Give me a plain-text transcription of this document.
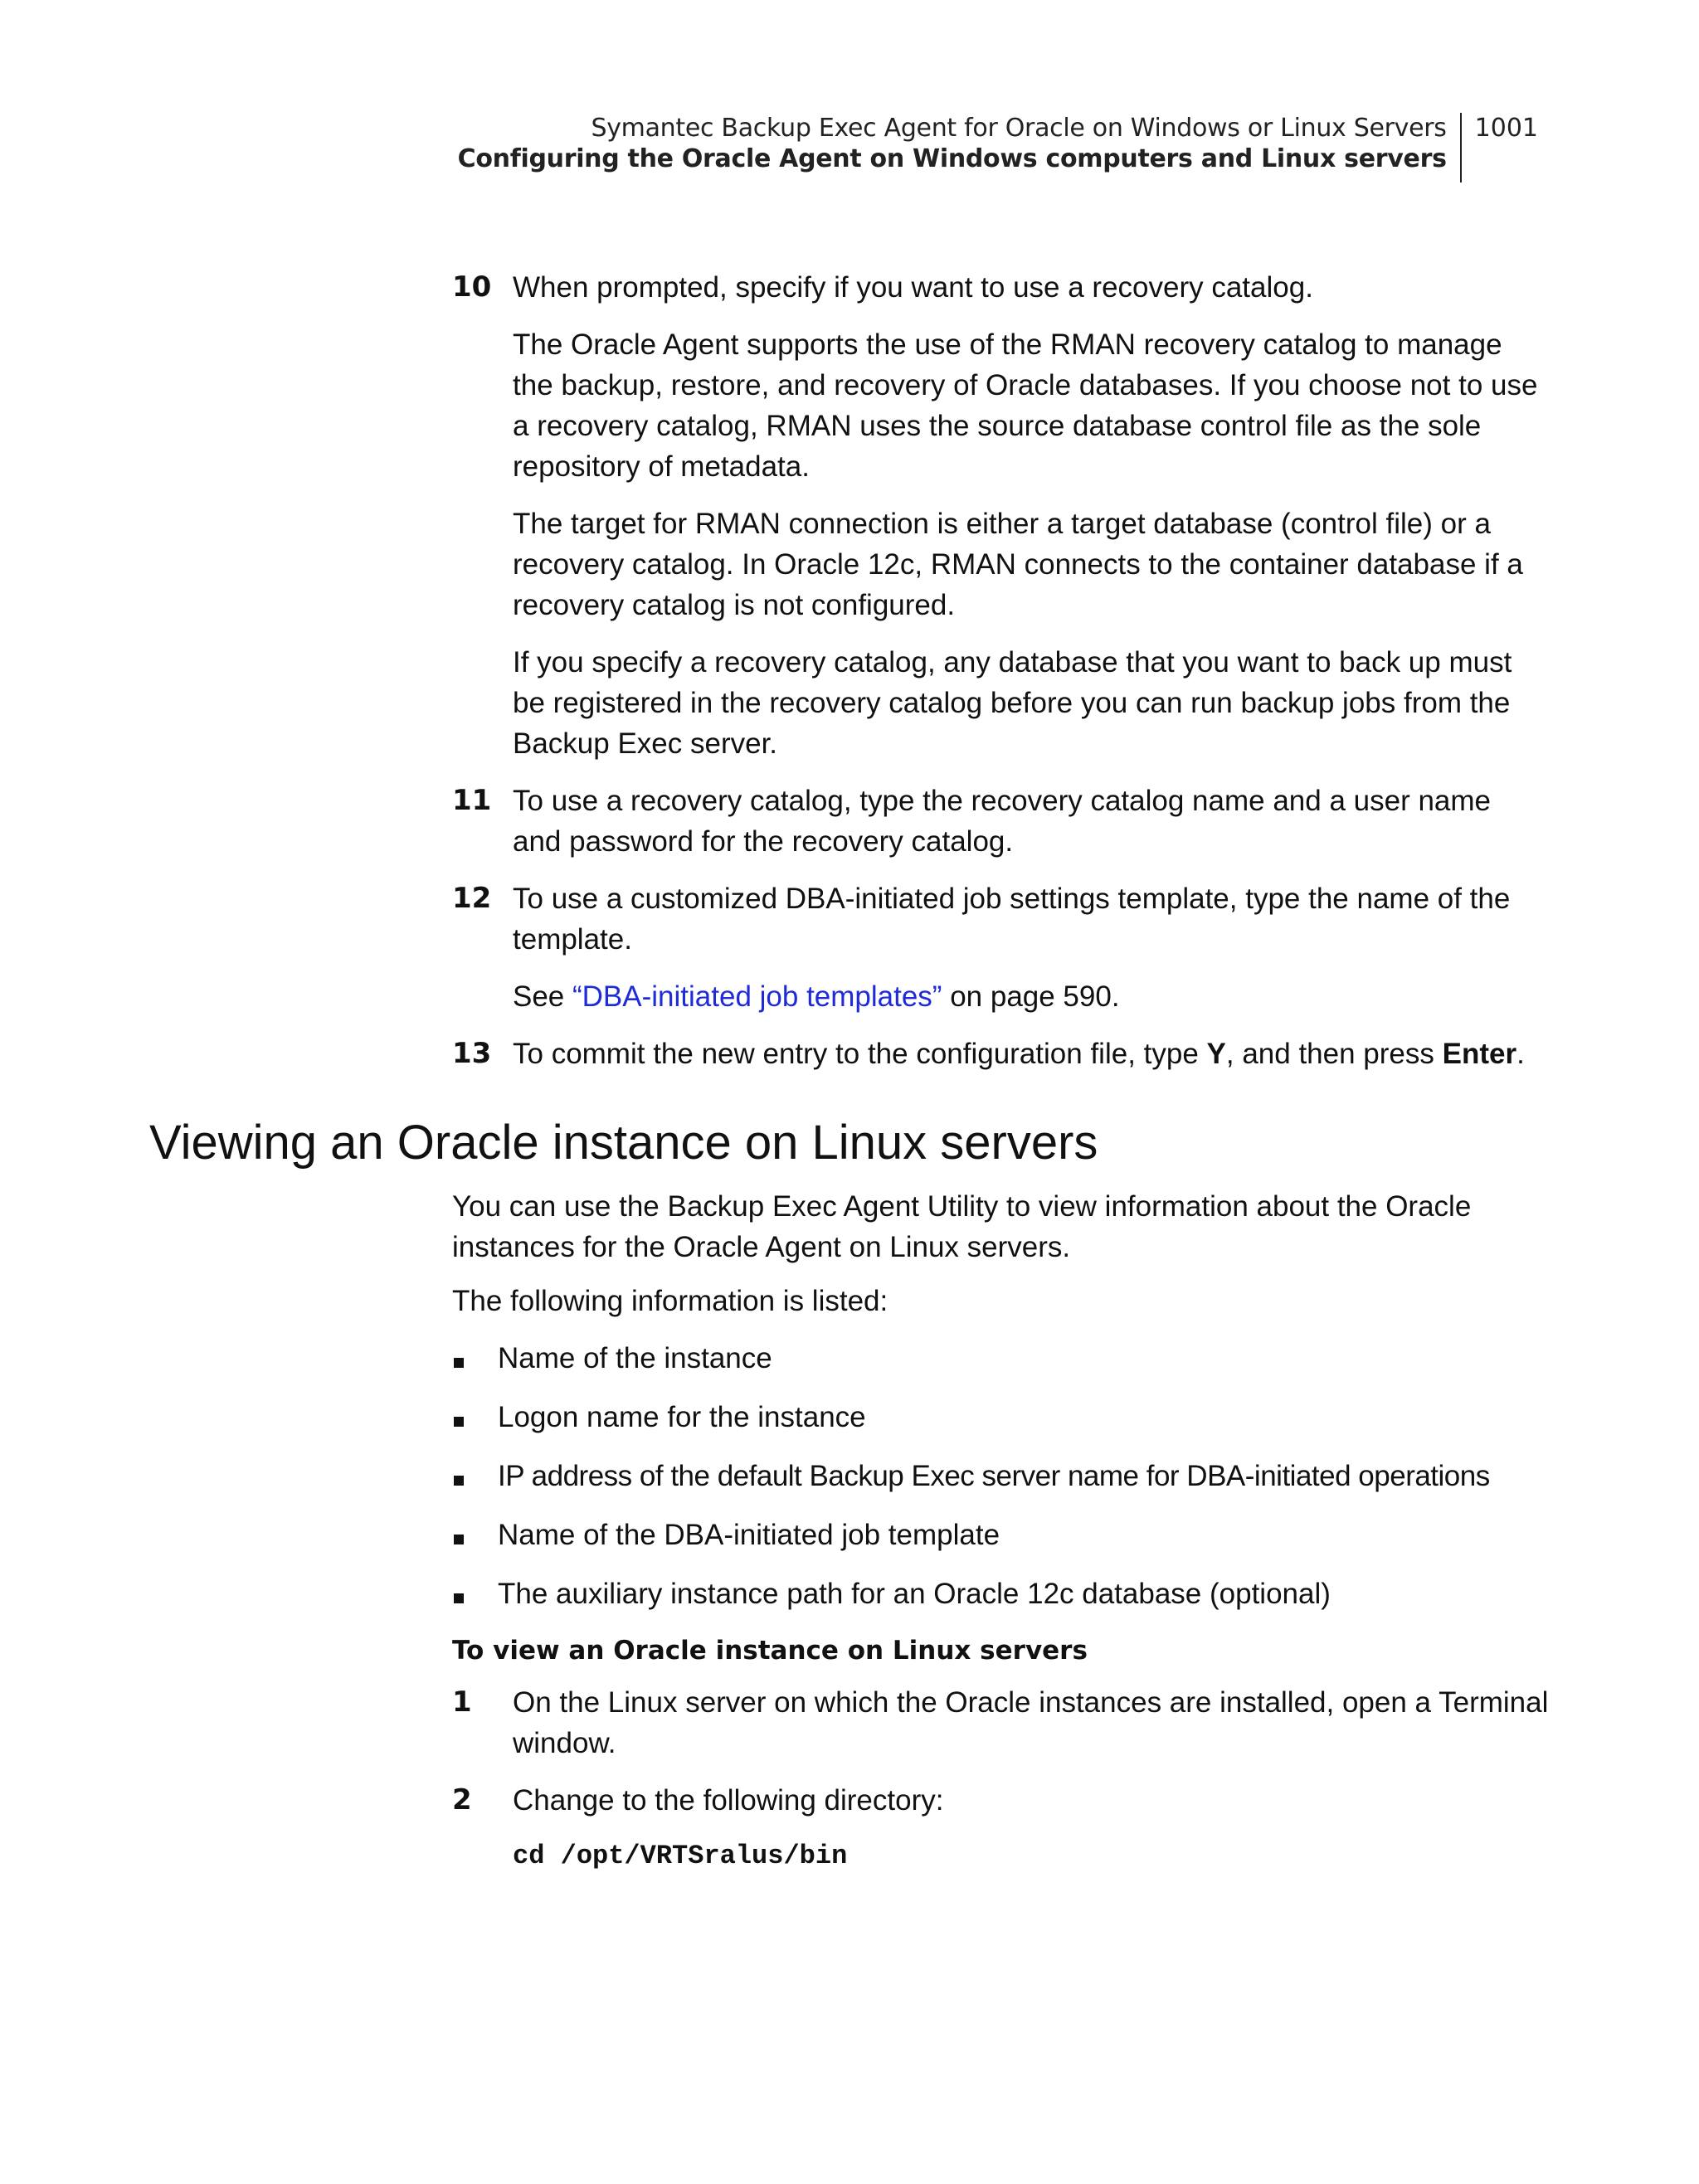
Symantec Backup Exec Agent for Oracle on Windows or Linux Servers
Configuring the Oracle Agent on Windows computers and Linux servers
1001
10 When prompted, specify if you want to use a recovery catalog.

The Oracle Agent supports the use of the RMAN recovery catalog to manage the backup, restore, and recovery of Oracle databases. If you choose not to use a recovery catalog, RMAN uses the source database control file as the sole repository of metadata.

The target for RMAN connection is either a target database (control file) or a recovery catalog. In Oracle 12c, RMAN connects to the container database if a recovery catalog is not configured.

If you specify a recovery catalog, any database that you want to back up must be registered in the recovery catalog before you can run backup jobs from the Backup Exec server.

11 To use a recovery catalog, type the recovery catalog name and a user name and password for the recovery catalog.

12 To use a customized DBA-initiated job settings template, type the name of the template.

See “DBA-initiated job templates” on page 590.

13 To commit the new entry to the configuration file, type Y, and then press Enter.

Viewing an Oracle instance on Linux servers

You can use the Backup Exec Agent Utility to view information about the Oracle instances for the Oracle Agent on Linux servers.

The following information is listed:

Name of the instance
Logon name for the instance
IP address of the default Backup Exec server name for DBA-initiated operations
Name of the DBA-initiated job template
The auxiliary instance path for an Oracle 12c database (optional)

To view an Oracle instance on Linux servers

1 On the Linux server on which the Oracle instances are installed, open a Terminal window.

2 Change to the following directory:

cd /opt/VRTSralus/bin
